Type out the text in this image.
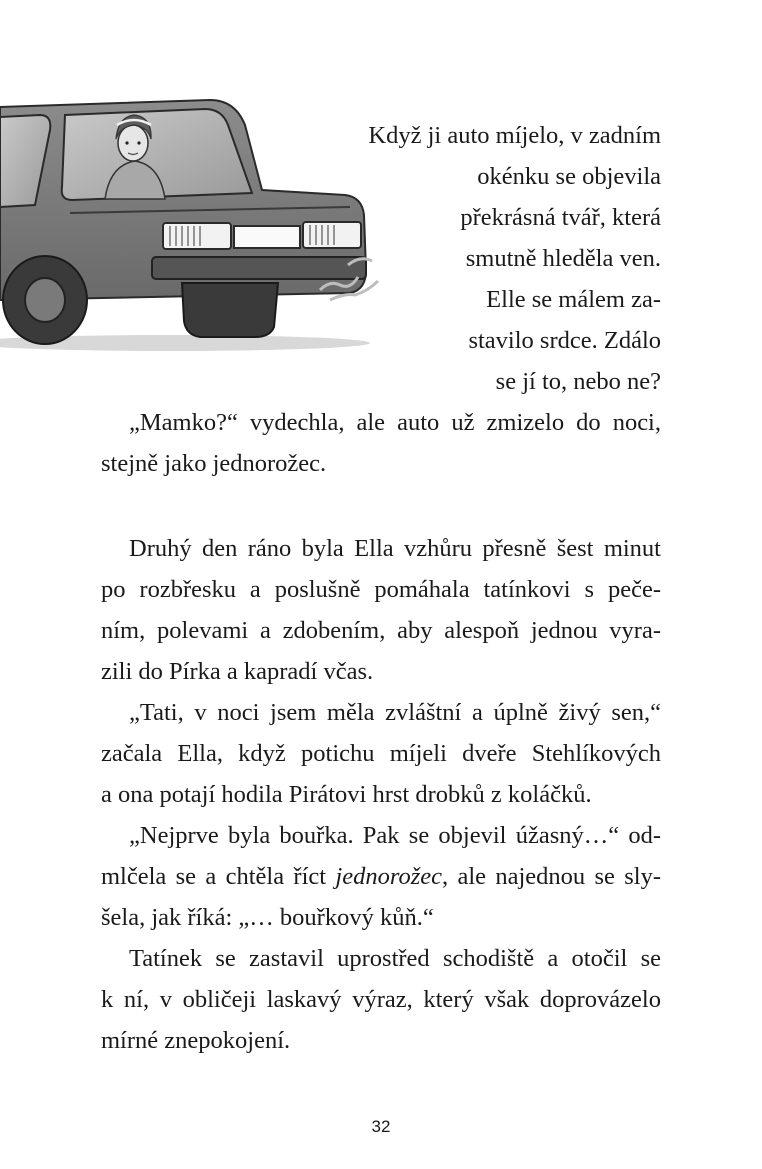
Když ji auto míjelo, v zadním
okénku se objevila
překrásná tvář, která
smutně hleděla ven.
Elle se málem za-
stavilo srdce. Zdálo
se jí to, nebo ne?
„Mamko?“ vydechla, ale auto už zmizelo do noci,
stejně jako jednorožec.
Druhý den ráno byla Ella vzhůru přesně šest minut
po rozbřesku a poslušně pomáhala tatínkovi s peče-
ním, polevami a zdobením, aby alespoň jednou vyra-
zili do Pírka a kapradí včas.
„Tati, v noci jsem měla zvláštní a úplně živý sen,“
začala Ella, když potichu míjeli dveře Stehlíkových
a ona potají hodila Pirátovi hrst drobků z koláčků.
„Nejprve byla bouřka. Pak se objevil úžasný…“ od-
mlčela se a chtěla říct jednorožec, ale najednou se sly-
šela, jak říká: „… bouřkový kůň.“
Tatínek se zastavil uprostřed schodiště a otočil se
k ní, v obličeji laskavý výraz, který však doprovázelo
mírné znepokojení.
32
